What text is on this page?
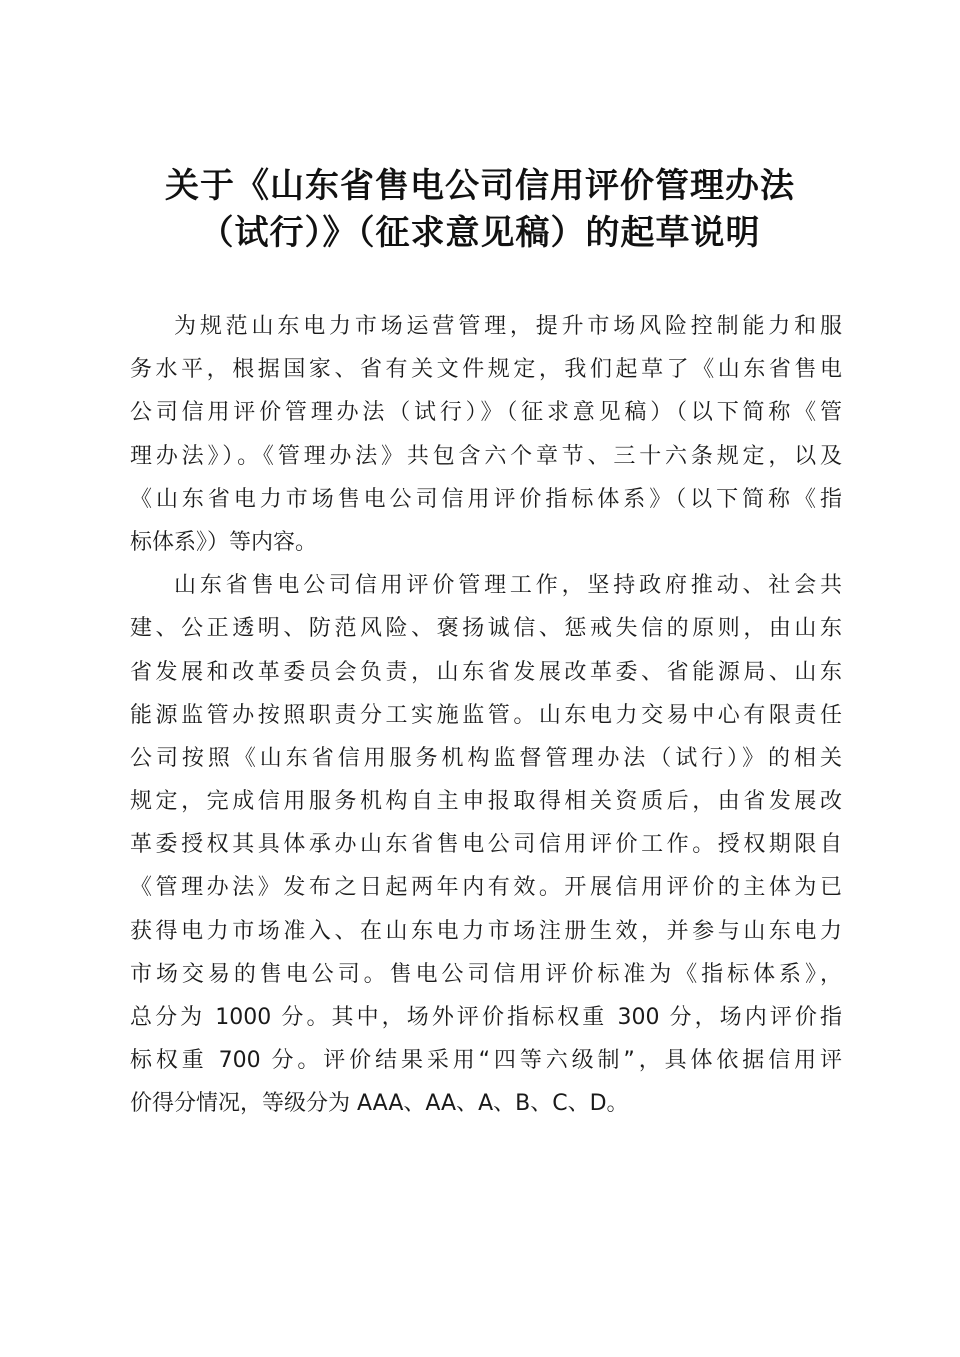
关于《山东省售电公司信用评价管理办法
（试行）》（征求意见稿）的起草说明
为规范山东电力市场运营管理，提升市场风险控制能力和服
务水平，根据国家、省有关文件规定，我们起草了《山东省售电
公司信用评价管理办法（试行）》（征求意见稿）（以下简称《管
理办法》）。《管理办法》共包含六个章节、三十六条规定，以及
《山东省电力市场售电公司信用评价指标体系》（以下简称《指
标体系》）等内容。
山东省售电公司信用评价管理工作，坚持政府推动、社会共
建、公正透明、防范风险、褒扬诚信、惩戒失信的原则，由山东
省发展和改革委员会负责，山东省发展改革委、省能源局、山东
能源监管办按照职责分工实施监管。山东电力交易中心有限责任
公司按照《山东省信用服务机构监督管理办法（试行）》的相关
规定，完成信用服务机构自主申报取得相关资质后，由省发展改
革委授权其具体承办山东省售电公司信用评价工作。授权期限自
《管理办法》发布之日起两年内有效。开展信用评价的主体为已
获得电力市场准入、在山东电力市场注册生效，并参与山东电力
市场交易的售电公司。售电公司信用评价标准为《指标体系》，
总分为 1000 分。其中，场外评价指标权重 300 分，场内评价指
标权重 700 分。评价结果采用“四等六级制”，具体依据信用评
价得分情况，等级分为 AAA、AA、A、B、C、D。
